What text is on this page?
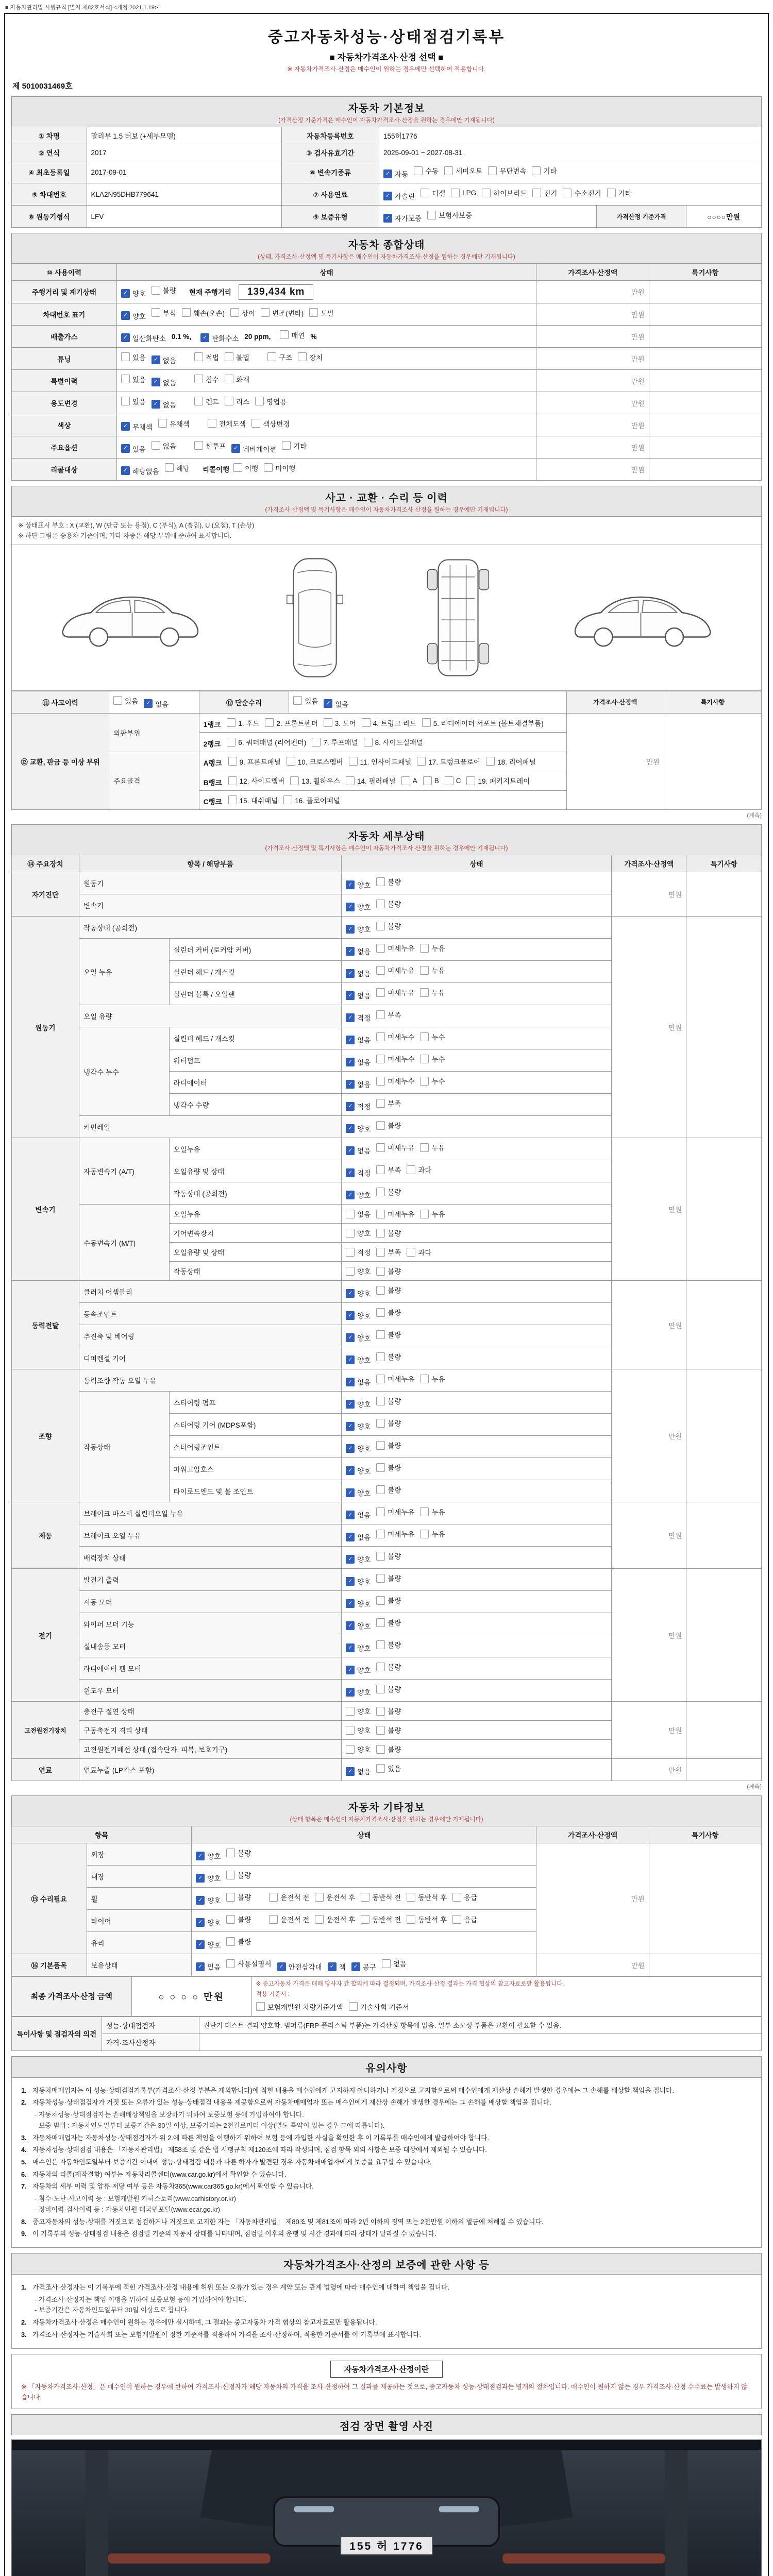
■ 자동차관리법 시행규칙 [별지 제82호서식] <개정 2021.1.19>
중고자동차성능·상태점검기록부
■ 자동차가격조사·산정 선택 ■
※ 자동차가격조사·산정은 매수인이 원하는 경우에만 선택하여 적용합니다.
제 5010031469호
자동차 기본정보
(가격산정 기준가격은 매수인이 자동차가격조사·산정을 원하는 경우에만 기재됩니다)
① 차명	말리부 1.5 터보 (+세부모델)	자동차등록번호	155허1776		
② 연식	2017	③ 검사유효기간	2025-09-01 ~ 2027-08-31		
④ 최초등록일	2017-09-01	⑥ 변속기종류	✓ 자동 수동 세미오토 무단변속 기타

⑤ 차대번호	KLA2N95DHB779641	⑦ 사용연료	✓ 가솔린 디젤 LPG 하이브리드 전기 수소전기 기타

⑧ 원동기형식	LFV	⑨ 보증유형	✓ 자가보증 보험사보증	가격산정 기준가격	○○○○만원
자동차 종합상태
(상태, 가격조사·산정액 및 특기사항은 매수인이 자동차가격조사·산정을 원하는 경우에만 기재됩니다)
⑩ 사용이력	상태	가격조사·산정액	특기사항
주행거리 및 계기상태	✓ 양호 불량 현재 주행거리 139,434 km	만원	
차대번호 표기	✓ 양호 부식 훼손(오손) 상이 변조(변타) 도말	만원	
배출가스	✓ 일산화탄소 0.1 %,	✓ 탄화수소 20 ppm,	매연 %	만원	
튜닝	있음	✓ 없음	적법 불법	구조 장치	만원	
특별이력	있음 ✓ 없음 침수 화재	만원	
용도변경	있음	✓ 없음	렌트 리스 영업용	만원	
색상	✓ 무채색 유채색 전체도색 색상변경	만원	
주요옵션	✓ 있음 없음	썬루프	✓ 네비게이션 기타	만원	
리콜대상	✓ 해당없음 해당 리콜이행 이행 미이행	만원	
사고 · 교환 · 수리 등 이력
(가격조사·산정액 및 특기사항은 매수인이 자동차가격조사·산정을 원하는 경우에만 기재됩니다)
※ 상태표시 부호 : X (교환), W (판금 또는 용접), C (부식), A (흠집), U (요철), T (손상)
※ 하단 그림은 승용차 기준이며, 기타 차종은 해당 부위에 준하여 표시합니다.
⑪ 사고이력	있음 ✓ 없음	⑫ 단순수리	있음 ✓ 없음	가격조사·산정액	특기사항
⑬ 교환, 판금 등 이상 부위	외판부위	1랭크	1. 후드 2. 프론트펜더 3. 도어 4. 트렁크 리드 5. 라디에이터 서포트 (볼트체결부품)
	만원	
		2랭크 6. 쿼터패널 (리어펜더) 7. 루프패널 8. 사이드실패널			

주요골격	A랭크	9. 프론트패널 10. 크로스멤버 11. 인사이드패널 17. 트렁크플로어 18. 리어패널

B랭크	12. 사이드멤버 13. 휠하우스 14. 필러패널 A B C 19. 패키지트레이

		C랭크 15. 대쉬패널 16. 플로어패널			
(계속)
자동차 세부상태
(가격조사·산정액 및 특기사항은 매수인이 자동차가격조사·산정을 원하는 경우에만 기재됩니다)
⑭ 주요장치	항목 / 해당부품		상태	가격조사·산정액	특기사항
자기진단	원동기		✓ 양호 불량	만원	
	변속기		✓ 양호 불량		

원동기	작동상태 (공회전)		✓ 양호 불량	만원	
	오일 누유	실린더 커버 (로커암 커버)	✓ 없음 미세누유 누유		

		실린더 헤드 / 개스킷	✓ 없음 미세누유 누유		

		실린더 블록 / 오일팬	✓ 없음 미세누유 누유		

	오일 유량		✓ 적정 부족		

	냉각수 누수	실린더 헤드 / 개스킷	✓ 없음 미세누수 누수		

		워터펌프	✓ 없음 미세누수 누수		

		라디에이터	✓ 없음 미세누수 누수		

		냉각수 수량	✓ 적정 부족		

	커먼레일		✓ 양호 불량		

변속기	자동변속기 (A/T)	오일누유	✓ 없음 미세누유 누유	만원	
		오일유량 및 상태	✓ 적정 부족 과다		

		작동상태 (공회전)	✓ 양호 불량		

	수동변속기 (M/T)	오일누유	없음 미세누유 누유		

		기어변속장치	양호 불량		

		오일유량 및 상태	적정 부족 과다		

		작동상태	양호 불량		

동력전달	클러치 어셈블리		✓ 양호 불량	만원	
	등속조인트		✓ 양호 불량		

	추진축 및 베어링		✓ 양호 불량		

	디퍼렌셜 기어		✓ 양호 불량		

조향	동력조향 작동 오일 누유		✓ 없음 미세누유 누유	만원	
	작동상태	스티어링 펌프	✓ 양호 불량		

		스티어링 기어 (MDPS포함)	✓ 양호 불량		

		스티어링조인트	✓ 양호 불량		

		파워고압호스	✓ 양호 불량		

		타이로드엔드 및 볼 조인트	✓ 양호 불량		

제동	브레이크 마스터 실린더오일 누유		✓ 없음 미세누유 누유	만원	
	브레이크 오일 누유		✓ 없음 미세누유 누유		

	배력장치 상태		✓ 양호 불량		

전기	발전기 출력		✓ 양호 불량	만원	
	시동 모터		✓ 양호 불량		

	와이퍼 모터 기능		✓ 양호 불량		

	실내송풍 모터		✓ 양호 불량		

	라디에이터 팬 모터		✓ 양호 불량		

	윈도우 모터		✓ 양호 불량		

고전원전기장치	충전구 절연 상태		양호 불량	만원	
	구동축전지 격리 상태		양호 불량		

	고전원전기배선 상태 (접속단자, 피복, 보호기구)		양호 불량		

연료	연료누출 (LP가스 포함)		✓ 없음 있음	만원	
(계속)
자동차 기타정보
(상태 항목은 매수인이 자동차가격조사·산정을 원하는 경우에만 기재됩니다)
항목		상태	가격조사·산정액	특기사항
⑮ 수리필요	외장	✓ 양호 불량	만원	
	내장	✓ 양호 불량		

휠	✓ 양호 불량	운전석 전 운전석 후 동반석 전 동반석 후 응급

타이어	✓ 양호 불량	운전석 전 운전석 후 동반석 전 동반석 후 응급

	유리	✓ 양호 불량		

⑯ 기본품목	보유상태	✓ 있음 사용설명서	✓ 안전삼각대	✓ 잭	✓ 공구 없음	만원	
최종 가격조사·산정 금액	○ ○ ○ ○ 만원	
※ 중고자동차 가격은 매매 당사자 간 합의에 따라 결정되며, 가격조사·산정 결과는 가격 협상의 참고자료로만 활용됩니다.
적용 기준서 :
보험개발원 차량기준가액 기술사회 기준서
특이사항 및 점검자의 의견	성능·상태점검자	진단기 테스트 결과 양호함. 범퍼류(FRP·플라스틱 부품)는 가격산정 항목에 없음. 일부 소모성 부품은 교환이 필요할 수 있음.
	가격·조사산정자	
유의사항
1. 자동차매매업자는 이 성능·상태점검기록부(가격조사·산정 부분은 제외합니다)에 적힌 내용을 매수인에게 고지하지 아니하거나 거짓으로 고지함으로써 매수인에게 재산상 손해가 발생한 경우에는 그 손해를 배상할 책임을 집니다.
2. 자동차성능·상태점검자가 거짓 또는 오류가 있는 성능·상태점검 내용을 제공함으로써 자동차매매업자 또는 매수인에게 재산상 손해가 발생한 경우에는 그 손해를 배상할 책임을 집니다.
- 자동차성능·상태점검자는 손해배상책임을 보장하기 위하여 보증보험 등에 가입하여야 합니다.
- 보증 범위 : 자동차인도일부터 보증기간은 30일 이상, 보증거리는 2천킬로미터 이상(별도 특약이 있는 경우 그에 따릅니다).
3. 자동차매매업자는 자동차성능·상태점검자가 위 2.에 따른 책임을 이행하기 위하여 보험 등에 가입한 사실을 확인한 후 이 기록부를 매수인에게 발급하여야 합니다.
4. 자동차성능·상태점검 내용은 「자동차관리법」 제58조 및 같은 법 시행규칙 제120조에 따라 작성되며, 점검 항목 외의 사항은 보증 대상에서 제외될 수 있습니다.
5. 매수인은 자동차인도일부터 보증기간 이내에 성능·상태점검 내용과 다른 하자가 발견된 경우 자동차매매업자에게 보증을 요구할 수 있습니다.
6. 자동차의 리콜(제작결함) 여부는 자동차리콜센터(www.car.go.kr)에서 확인할 수 있습니다.
7. 자동차의 세부 이력 및 압류·저당 여부 등은 자동차365(www.car365.go.kr)에서 확인할 수 있습니다.
- 침수·도난·사고이력 등 : 보험개발원 카히스토리(www.carhistory.or.kr)
- 정비이력·검사이력 등 : 자동차민원 대국민포털(www.ecar.go.kr)
8. 중고자동차의 성능·상태를 거짓으로 점검하거나 거짓으로 고지한 자는 「자동차관리법」 제80조 및 제81조에 따라 2년 이하의 징역 또는 2천만원 이하의 벌금에 처해질 수 있습니다.
9. 이 기록부의 성능·상태점검 내용은 점검일 기준의 자동차 상태를 나타내며, 점검일 이후의 운행 및 시간 경과에 따라 상태가 달라질 수 있습니다.
자동차가격조사·산정의 보증에 관한 사항 등
1. 가격조사·산정자는 이 기록부에 적힌 가격조사·산정 내용에 허위 또는 오류가 있는 경우 계약 또는 관계 법령에 따라 매수인에 대하여 책임을 집니다.
- 가격조사·산정자는 책임 이행을 위하여 보증보험 등에 가입하여야 합니다.
- 보증기간은 자동차인도일부터 30일 이상으로 합니다.
2. 자동차가격조사·산정은 매수인이 원하는 경우에만 실시하며, 그 결과는 중고자동차 가격 협상의 참고자료로만 활용됩니다.
3. 가격조사·산정자는 기술사회 또는 보험개발원이 정한 기준서를 적용하여 가격을 조사·산정하며, 적용한 기준서를 이 기록부에 표시합니다.
자동차가격조사·산정이란
※ 「자동차가격조사·산정」은 매수인이 원하는 경우에 한하여 가격조사·산정자가 해당 자동차의 가격을 조사·산정하여 그 결과를 제공하는 것으로, 중고자동차 성능·상태점검과는 별개의 절차입니다. 매수인이 원하지 않는 경우 가격조사·산정 수수료는 발생하지 않습니다.
점검 장면 촬영 사진
155 허 1776
